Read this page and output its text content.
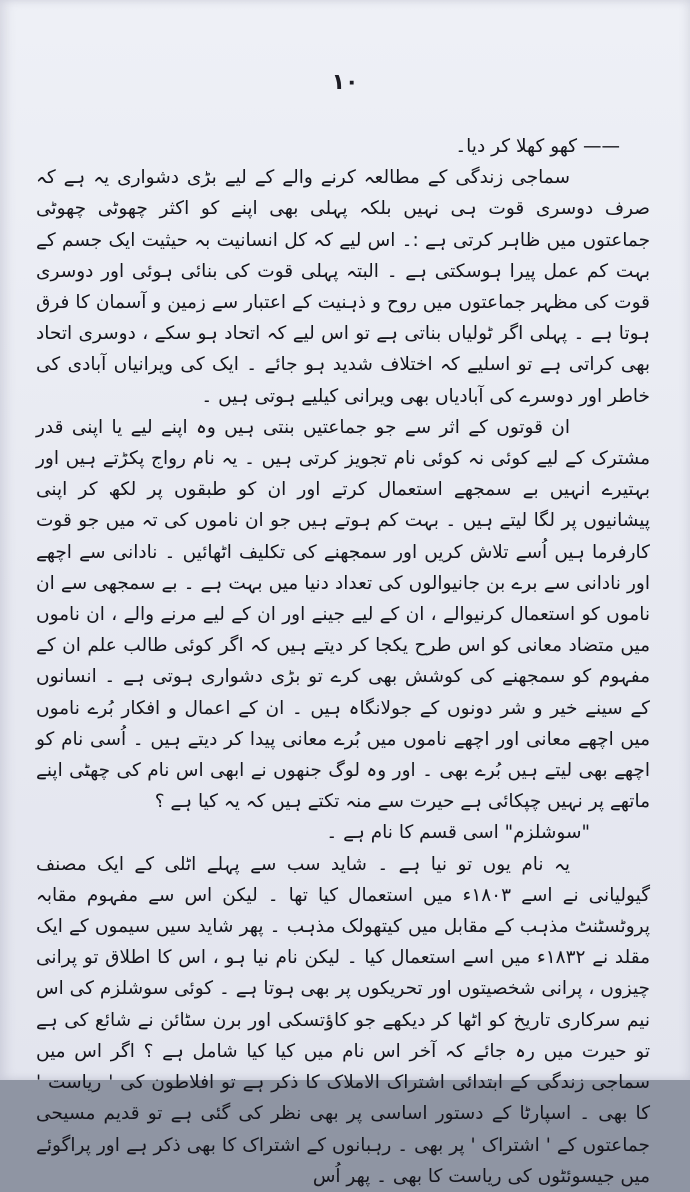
۱۰

—— کھو کھلا کر دیا۔

سماجی زندگی کے مطالعہ کرنے والے کے لیے بڑی دشواری یہ ہے کہ صرف دوسری قوت ہی نہیں بلکہ پہلی بھی اپنے کو اکثر چھوٹی چھوٹی جماعتوں میں ظاہر کرتی ہے :۔ اس لیے کہ کل انسانیت بہ حیثیت ایک جسم کے بہت کم عمل پیرا ہوسکتی ہے ۔ البتہ پہلی قوت کی بنائی ہوئی اور دوسری قوت کی مظہر جماعتوں میں روح و ذہنیت کے اعتبار سے زمین و آسمان کا فرق ہوتا ہے ۔ پہلی اگر ٹولیاں بناتی ہے تو اس لیے کہ اتحاد ہو سکے ، دوسری اتحاد بھی کراتی ہے تو اسلیے کہ اختلاف شدید ہو جائے ۔ ایک کی ویرانیاں آبادی کی خاطر اور دوسرے کی آبادیاں بھی ویرانی کیلیے ہوتی ہیں ۔

ان قوتوں کے اثر سے جو جماعتیں بنتی ہیں وہ اپنے لیے یا اپنی قدر مشترک کے لیے کوئی نہ کوئی نام تجویز کرتی ہیں ۔ یہ نام رواج پکڑتے ہیں اور بہتیرے انہیں بے سمجھے استعمال کرتے اور ان کو طبقوں پر لکھ کر اپنی پیشانیوں پر لگا لیتے ہیں ۔ بہت کم ہوتے ہیں جو ان ناموں کی تہ میں جو قوت کارفرما ہیں اُسے تلاش کریں اور سمجھنے کی تکلیف اٹھائیں ۔ نادانی سے اچھے اور نادانی سے برے بن جانیوالوں کی تعداد دنیا میں بہت ہے ۔ بے سمجھی سے ان ناموں کو استعمال کرنیوالے ، ان کے لیے جینے اور ان کے لیے مرنے والے ، ان ناموں میں متضاد معانی کو اس طرح یکجا کر دیتے ہیں کہ اگر کوئی طالب علم ان کے مفہوم کو سمجھنے کی کوشش بھی کرے تو بڑی دشواری ہوتی ہے ۔ انسانوں کے سینے خیر و شر دونوں کے جولانگاہ ہیں ۔ ان کے اعمال و افکار بُرے ناموں میں اچھے معانی اور اچھے ناموں میں بُرے معانی پیدا کر دیتے ہیں ۔ اُسی نام کو اچھے بھی لیتے ہیں بُرے بھی ۔ اور وہ لوگ جنھوں نے ابھی اس نام کی چھٹی اپنے ماتھے پر نہیں چپکائی ہے حیرت سے منہ تکتے ہیں کہ یہ کیا ہے ؟

"سوشلزم" اسی قسم کا نام ہے ۔

یہ نام یوں تو نیا ہے ۔ شاید سب سے پہلے اٹلی کے ایک مصنف گیولیانی نے اسے ۱۸۰۳ء میں استعمال کیا تھا ۔ لیکن اس سے مفہوم مقابہ پروٹسٹنٹ مذہب کے مقابل میں کیتھولک مذہب ۔ پھر شاید سیں سیموں کے ایک مقلد نے ۱۸۳۲ء میں اسے استعمال کیا ۔ لیکن نام نیا ہو ، اس کا اطلاق تو پرانی چیزوں ، پرانی شخصیتوں اور تحریکوں پر بھی ہوتا ہے ۔ کوئی سوشلزم کی اس نیم سرکاری تاریخ کو اٹھا کر دیکھے جو کاؤتسکی اور برن سٹائن نے شائع کی ہے تو حیرت میں رہ جائے کہ آخر اس نام میں کیا کیا شامل ہے ؟ اگر اس میں سماجی زندگی کے ابتدائی اشتراک الاملاک کا ذکر ہے تو افلاطون کی ' ریاست ' کا بھی ۔ اسپارٹا کے دستور اساسی پر بھی نظر کی گئی ہے تو قدیم مسیحی جماعتوں کے ' اشتراک ' پر بھی ۔ رہبانوں کے اشتراک کا بھی ذکر ہے اور پراگوئے میں جیسوئٹوں کی ریاست کا بھی ۔ پھر اُس
